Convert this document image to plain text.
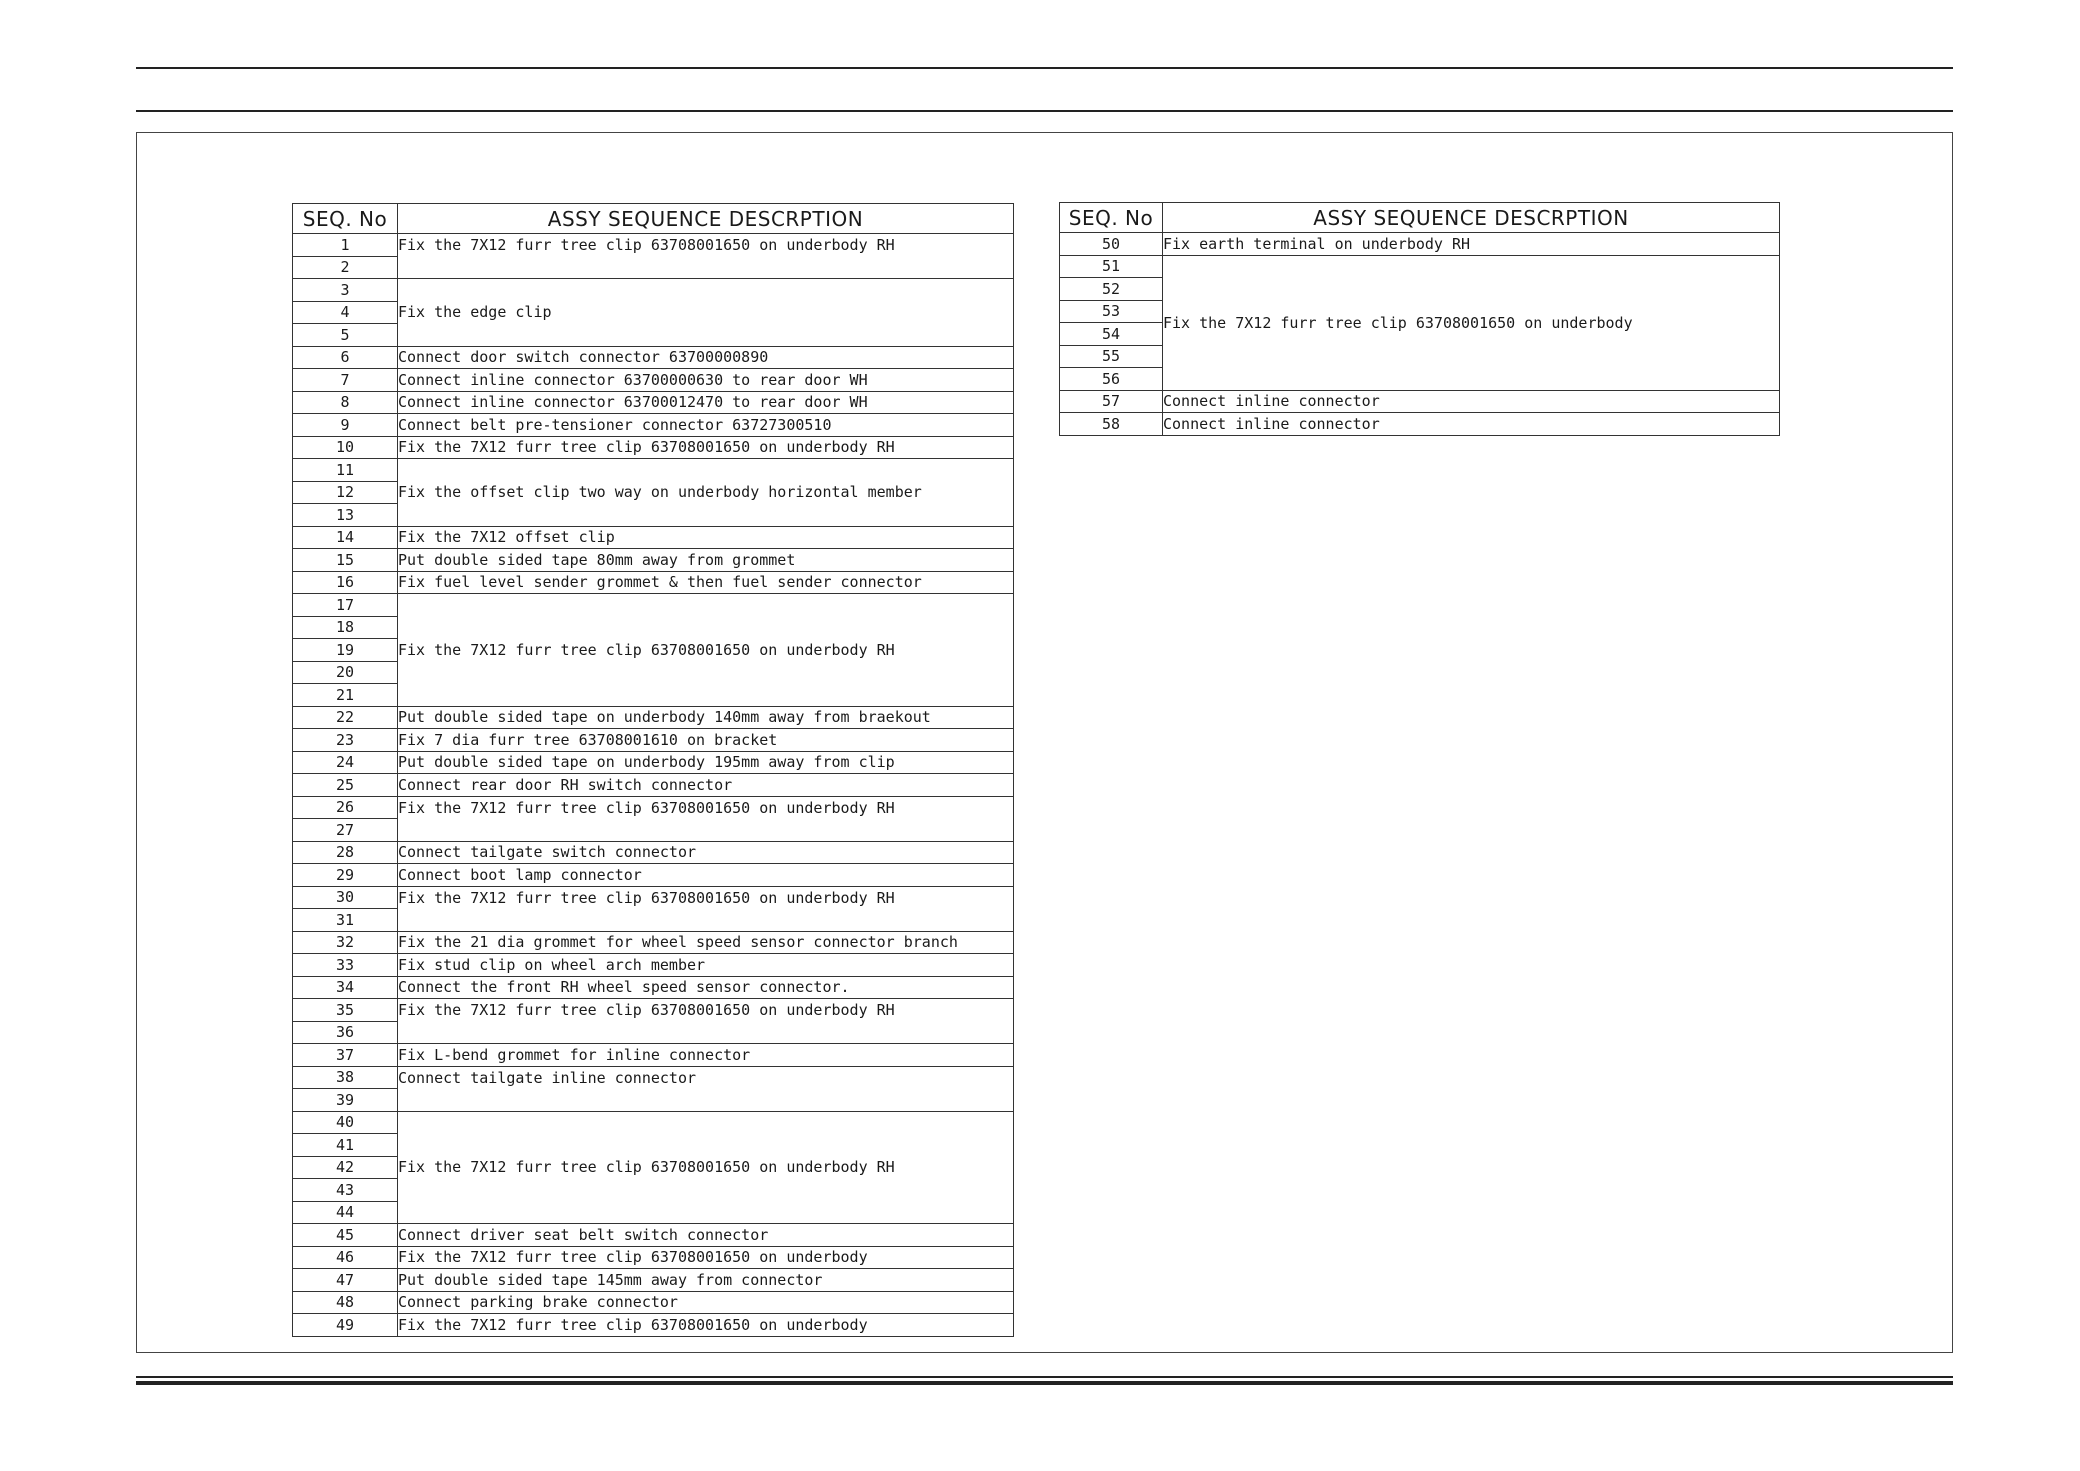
SEQ. No	ASSY SEQUENCE DESCRPTION
1	Fix the 7X12 furr tree clip 63708001650 on underbody RH
2	
3	Fix the edge clip
4	
5	
6	Connect door switch connector 63700000890
7	Connect inline connector 63700000630 to rear door WH
8	Connect inline connector 63700012470 to rear door WH
9	Connect belt pre-tensioner connector 63727300510
10	Fix the 7X12 furr tree clip 63708001650 on underbody RH
11	Fix the offset clip two way on underbody horizontal member
12	
13	
14	Fix the 7X12 offset clip
15	Put double sided tape 80mm away from grommet
16	Fix fuel level sender grommet & then fuel sender connector
17	Fix the 7X12 furr tree clip 63708001650 on underbody RH
18	
19	
20	
21	
22	Put double sided tape on underbody 140mm away from braekout
23	Fix 7 dia furr tree 63708001610 on bracket
24	Put double sided tape on underbody 195mm away from clip
25	Connect rear door RH switch connector
26	Fix the 7X12 furr tree clip 63708001650 on underbody RH
27	
28	Connect tailgate switch connector
29	Connect boot lamp connector
30	Fix the 7X12 furr tree clip 63708001650 on underbody RH
31	
32	Fix the 21 dia grommet for wheel speed sensor connector branch
33	Fix stud clip on wheel arch member
34	Connect the front RH wheel speed sensor connector.
35	Fix the 7X12 furr tree clip 63708001650 on underbody RH
36	
37	Fix L-bend grommet for inline connector
38	Connect tailgate inline connector
39	
40	Fix the 7X12 furr tree clip 63708001650 on underbody RH
41	
42	
43	
44	
45	Connect driver seat belt switch connector
46	Fix the 7X12 furr tree clip 63708001650 on underbody
47	Put double sided tape 145mm away from connector
48	Connect parking brake connector
49	Fix the 7X12 furr tree clip 63708001650 on underbody
SEQ. No	ASSY SEQUENCE DESCRPTION
50	Fix earth terminal on underbody RH
51	Fix the 7X12 furr tree clip 63708001650 on underbody
52	
53	
54	
55	
56	
57	Connect inline connector
58	Connect inline connector
